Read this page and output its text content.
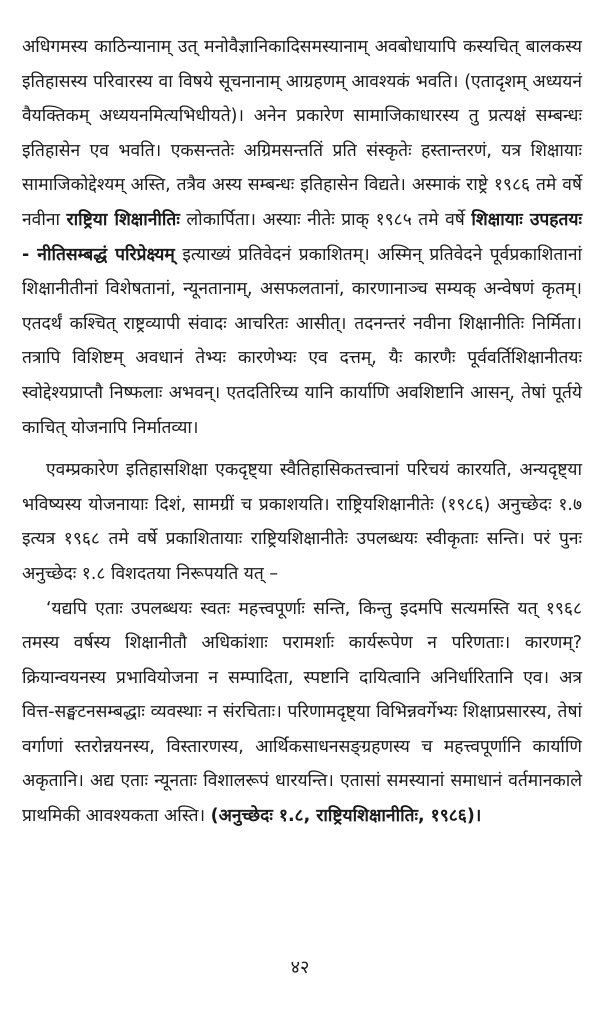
अधिगमस्य काठिन्यानाम् उत् मनोवैज्ञानिकादिसमस्यानाम् अवबोधायापि कस्यचित् बालकस्य इतिहासस्य परिवारस्य वा विषये सूचनानाम् आग्रहणम् आवश्यकं भवति। (एतादृशम् अध्ययनं वैयक्तिकम् अध्ययनमित्यभिधीयते)। अनेन प्रकारेण सामाजिकाधारस्य तु प्रत्यक्षं सम्बन्धः इतिहासेन एव भवति। एकसन्ततेः अग्रिमसन्ततिं प्रति संस्कृतेः हस्तान्तरणं, यत्र शिक्षायाः सामाजिकोद्देश्यम् अस्ति, तत्रैव अस्य सम्बन्धः इतिहासेन विद्यते। अस्माकं राष्ट्रे १९८६ तमे वर्षे नवीना राष्ट्रिया शिक्षानीतिः लोकार्पिता। अस्याः नीतेः प्राक् १९८५ तमे वर्षे शिक्षायाः उपहतयः - नीतिसम्बद्धं परिप्रेक्ष्यम् इत्याख्यं प्रतिवेदनं प्रकाशितम्। अस्मिन् प्रतिवेदने पूर्वप्रकाशितानां शिक्षानीतीनां विशेषतानां, न्यूनतानाम्, असफलतानां, कारणानाञ्च सम्यक् अन्वेषणं कृतम्। एतदर्थं कश्चित् राष्ट्रव्यापी संवादः आचरितः आसीत्। तदनन्तरं नवीना शिक्षानीतिः निर्मिता। तत्रापि विशिष्टम् अवधानं तेभ्यः कारणेभ्यः एव दत्तम्, यैः कारणैः पूर्ववर्तिशिक्षानीतयः स्वोद्देश्यप्राप्तौ निष्फलाः अभवन्। एतदतिरिच्य यानि कार्याणि अवशिष्टानि आसन्, तेषां पूर्तये काचित् योजनापि निर्मातव्या।

एवम्प्रकारेण इतिहासशिक्षा एकदृष्ट्या स्वैतिहासिकतत्त्वानां परिचयं कारयति, अन्यदृष्ट्या भविष्यस्य योजनायाः दिशं, सामग्रीं च प्रकाशयति। राष्ट्रियशिक्षानीतेः (१९८६) अनुच्छेदः १.७ इत्यत्र १९६८ तमे वर्षे प्रकाशितायाः राष्ट्रियशिक्षानीतेः उपलब्धयः स्वीकृताः सन्ति। परं पुनः अनुच्छेदः १.८ विशदतया निरूपयति यत् –

‘यद्यपि एताः उपलब्धयः स्वतः महत्त्वपूर्णाः सन्ति, किन्तु इदमपि सत्यमस्ति यत् १९६८ तमस्य वर्षस्य शिक्षानीतौ अधिकांशाः परामर्शाः कार्यरूपेण न परिणताः। कारणम्? क्रियान्वयनस्य प्रभावियोजना न सम्पादिता, स्पष्टानि दायित्वानि अनिर्धारितानि एव। अत्र वित्त-सङ्घटनसम्बद्धाः व्यवस्थाः न संरचिताः। परिणामदृष्ट्या विभिन्नवर्गेभ्यः शिक्षाप्रसारस्य, तेषां वर्गाणां स्तरोन्नयनस्य, विस्तारणस्य, आर्थिकसाधनसङ्ग्रहणस्य च महत्त्वपूर्णानि कार्याणि अकृतानि। अद्य एताः न्यूनताः विशालरूपं धारयन्ति। एतासां समस्यानां समाधानं वर्तमानकाले प्राथमिकी आवश्यकता अस्ति। (अनुच्छेदः १.८, राष्ट्रियशिक्षानीतिः, १९८६)।

४२
